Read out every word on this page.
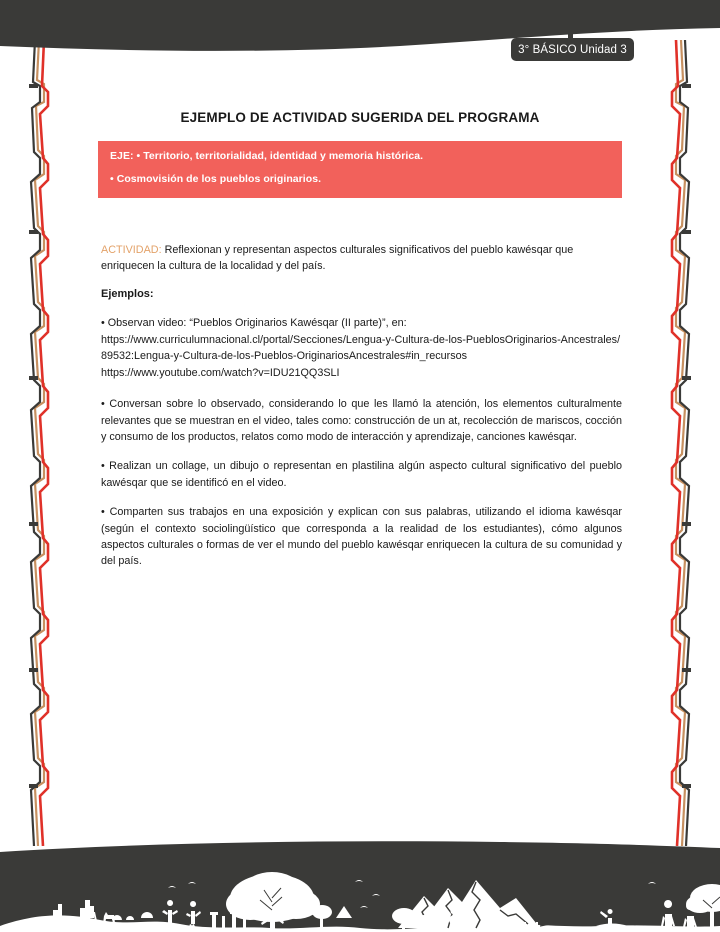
3° BÁSICO Unidad 3
EJEMPLO DE ACTIVIDAD SUGERIDA DEL PROGRAMA
EJE: • Territorio, territorialidad, identidad y memoria histórica.
• Cosmovisión de los pueblos originarios.
ACTIVIDAD: Reflexionan y representan aspectos culturales significativos del pueblo kawésqar que enriquecen la cultura de la localidad y del país.
Ejemplos:
• Observan video: “Pueblos Originarios Kawésqar (II parte)”, en:
https://www.curriculumnacional.cl/portal/Secciones/Lengua-y-Cultura-de-los-PueblosOriginarios-Ancestrales/89532:Lengua-y-Cultura-de-los-Pueblos-OriginariosAncestrales#in_recursos
https://www.youtube.com/watch?v=IDU21QQ3SLI
• Conversan sobre lo observado, considerando lo que les llamó la atención, los elementos culturalmente relevantes que se muestran en el video, tales como: construcción de un at, recolección de mariscos, cocción y consumo de los productos, relatos como modo de interacción y aprendizaje, canciones kawésqar.
• Realizan un collage, un dibujo o representan en plastilina algún aspecto cultural significativo del pueblo kawésqar que se identificó en el video.
• Comparten sus trabajos en una exposición y explican con sus palabras, utilizando el idioma kawésqar (según el contexto sociolingüístico que corresponda a la realidad de los estudiantes), cómo algunos aspectos culturales o formas de ver el mundo del pueblo kawésqar enriquecen la cultura de su comunidad y del país.
